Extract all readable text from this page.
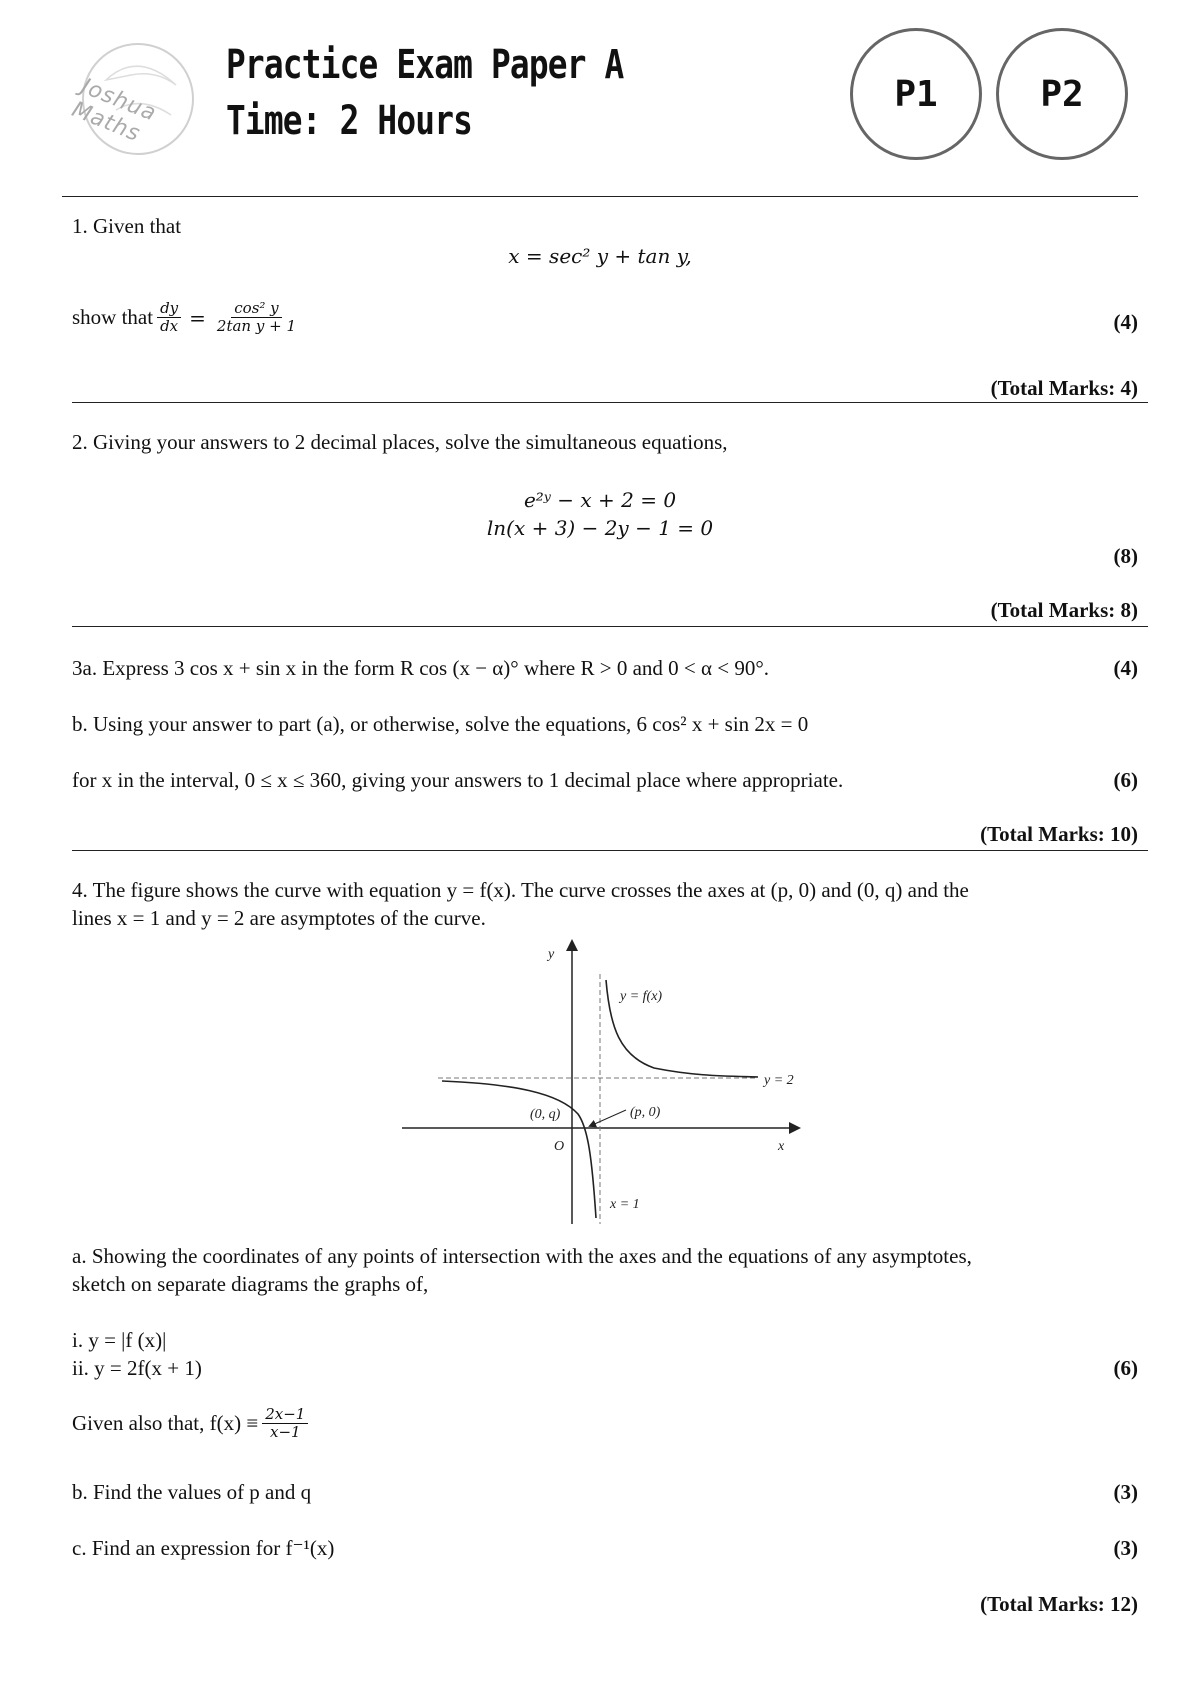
Joshua Maths
Practice Exam Paper A
Time: 2 Hours
P1	P2
1. Given that
x = sec² y + tan y,
show that $\frac{dy}{dx} = \frac{\text{cos² y}}{\text{2tan y + 1}}$	(4)
(Total Marks: 4)
2. Giving your answers to 2 decimal places, solve the simultaneous equations,
e²ʸ − x + 2 = 0
ln(x + 3) − 2y − 1 = 0
(8)
(Total Marks: 8)
3a. Express 3 cos x + sin x in the form R cos (x − α)° where R > 0 and 0 < α < 90°.	(4)
b. Using your answer to part (a), or otherwise, solve the equations, 6 cos² x + sin 2x = 0
for x in the interval, 0 ≤ x ≤ 360, giving your answers to 1 decimal place where appropriate.	(6)
(Total Marks: 10)
4. The figure shows the curve with equation y = f(x). The curve crosses the axes at (p, 0) and (0, q) and the
lines x = 1 and y = 2 are asymptotes of the curve.
y
x
O
y = f(x)
y = 2
x = 1
(0, q)	(p, 0)
a. Showing the coordinates of any points of intersection with the axes and the equations of any asymptotes,
sketch on separate diagrams the graphs of,
i. y = |f (x)|
ii. y = 2f(x + 1)	(6)
Given also that, $f(x) \equiv \frac{2x-1}{x-1}$
b. Find the values of p and q	(3)
c. Find an expression for f⁻¹(x)	(3)
(Total Marks: 12)
